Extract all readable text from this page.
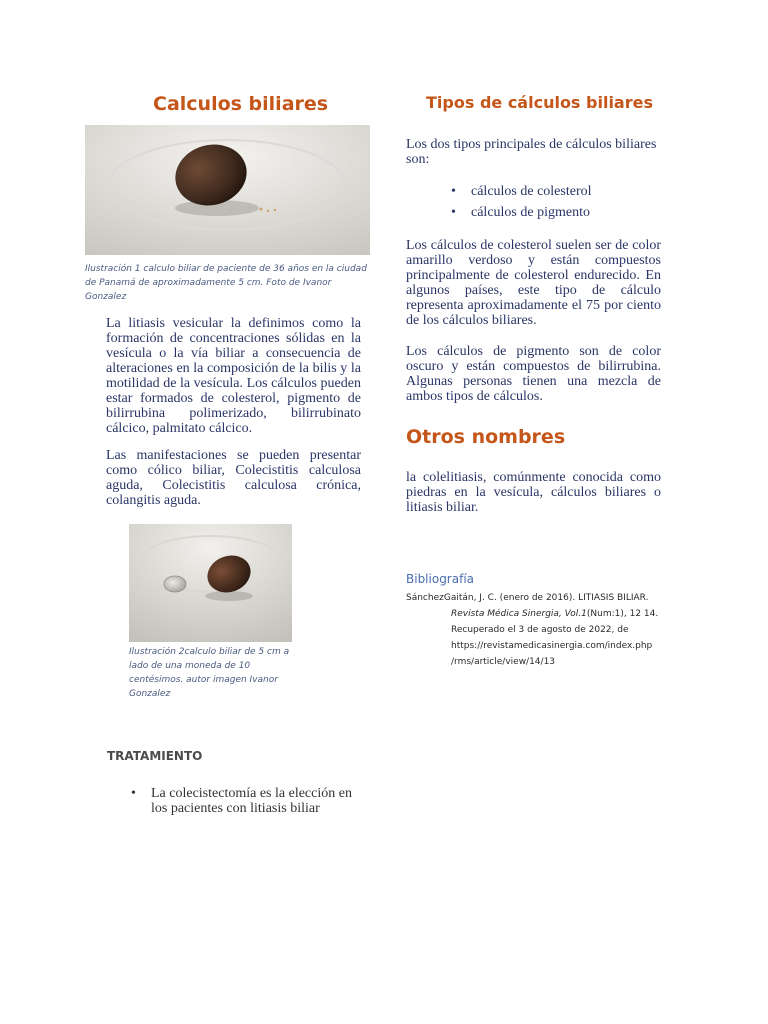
Calculos biliares

Ilustración 1 calculo biliar de paciente de 36 años en la ciudad de Panamá de aproximadamente 5 cm. Foto de Ivanor Gonzalez

La litiasis vesicular la definimos como la formación de concentraciones sólidas en la vesícula o la vía biliar a consecuencia de alteraciones en la composición de la bilis y la motilidad de la vesícula. Los cálculos pueden estar formados de colesterol, pigmento de bilirrubina polimerizado, bilirrubinato cálcico, palmitato cálcico.

Las manifestaciones se pueden presentar como cólico biliar, Colecistitis calculosa aguda, Colecistitis calculosa crónica, colangitis aguda.

Ilustración 2calculo biliar de 5 cm a lado de una moneda de 10 centésimos. autor imagen Ivanor Gonzalez

TRATAMIENTO
• La colecistectomía es la elección en los pacientes con litiasis biliar
Tipos de cálculos biliares

Los dos tipos principales de cálculos biliares son:

• cálculos de colesterol
• cálculos de pigmento

Los cálculos de colesterol suelen ser de color amarillo verdoso y están compuestos principalmente de colesterol endurecido. En algunos países, este tipo de cálculo representa aproximadamente el 75 por ciento de los cálculos biliares.

Los cálculos de pigmento son de color oscuro y están compuestos de bilirrubina. Algunas personas tienen una mezcla de ambos tipos de cálculos.

Otros nombres

la colelitiasis, comúnmente conocida como piedras en la vesícula, cálculos biliares o litiasis biliar.

Bibliografía

SánchezGaitán, J. C. (enero de 2016). LITIASIS BILIAR.
Revista Médica Sinergia, Vol.1(Num:1), 12 14.
Recuperado el 3 de agosto de 2022, de
https://revistamedicasinergia.com/index.php
/rms/article/view/14/13
